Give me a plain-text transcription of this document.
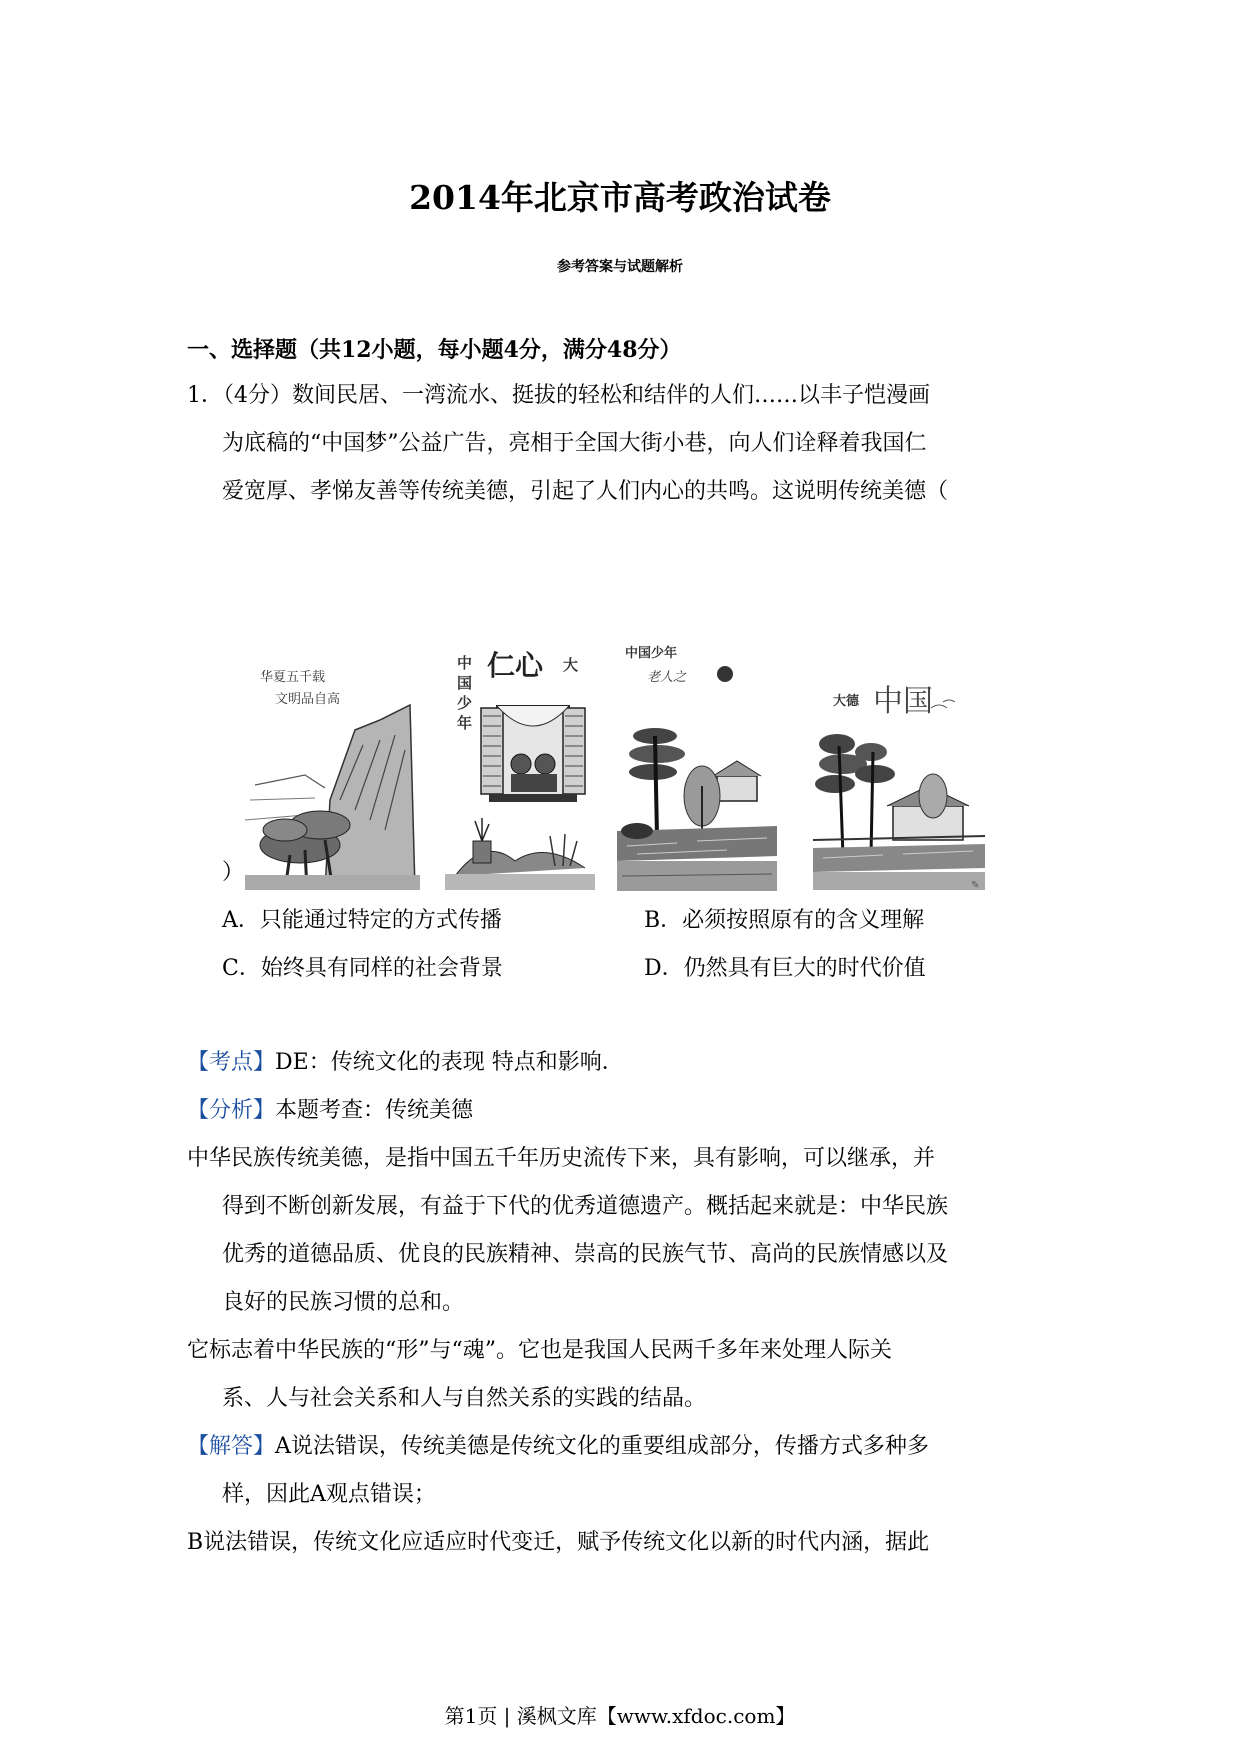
2014年北京市高考政治试卷
参考答案与试题解析
一、选择题（共12小题，每小题4分，满分48分）
1．（4分）数间民居、一湾流水、挺拔的轻松和结伴的人们……以丰子恺漫画
为底稿的“中国梦”公益广告，亮相于全国大街小巷，向人们诠释着我国仁
爱宽厚、孝悌友善等传统美德，引起了人们内心的共鸣。这说明传统美德（
华夏五千载
文明品自高
中
国
少
年
仁心 大
中国少年
老人之
大德 中国
✎
）
A．只能通过特定的方式传播	B．必须按照原有的含义理解
C．始终具有同样的社会背景	D．仍然具有巨大的时代价值
【考点】DE：传统文化的表现 特点和影响．
【分析】本题考查：传统美德
中华民族传统美德，是指中国五千年历史流传下来，具有影响，可以继承，并
得到不断创新发展，有益于下代的优秀道德遗产。概括起来就是：中华民族
优秀的道德品质、优良的民族精神、崇高的民族气节、高尚的民族情感以及
良好的民族习惯的总和。
它标志着中华民族的“形”与“魂”。它也是我国人民两千多年来处理人际关
系、人与社会关系和人与自然关系的实践的结晶。
【解答】A说法错误，传统美德是传统文化的重要组成部分，传播方式多种多
样，因此A观点错误；
B说法错误，传统文化应适应时代变迁，赋予传统文化以新的时代内涵，据此
第1页 | 溪枫文库【www.xfdoc.com】
